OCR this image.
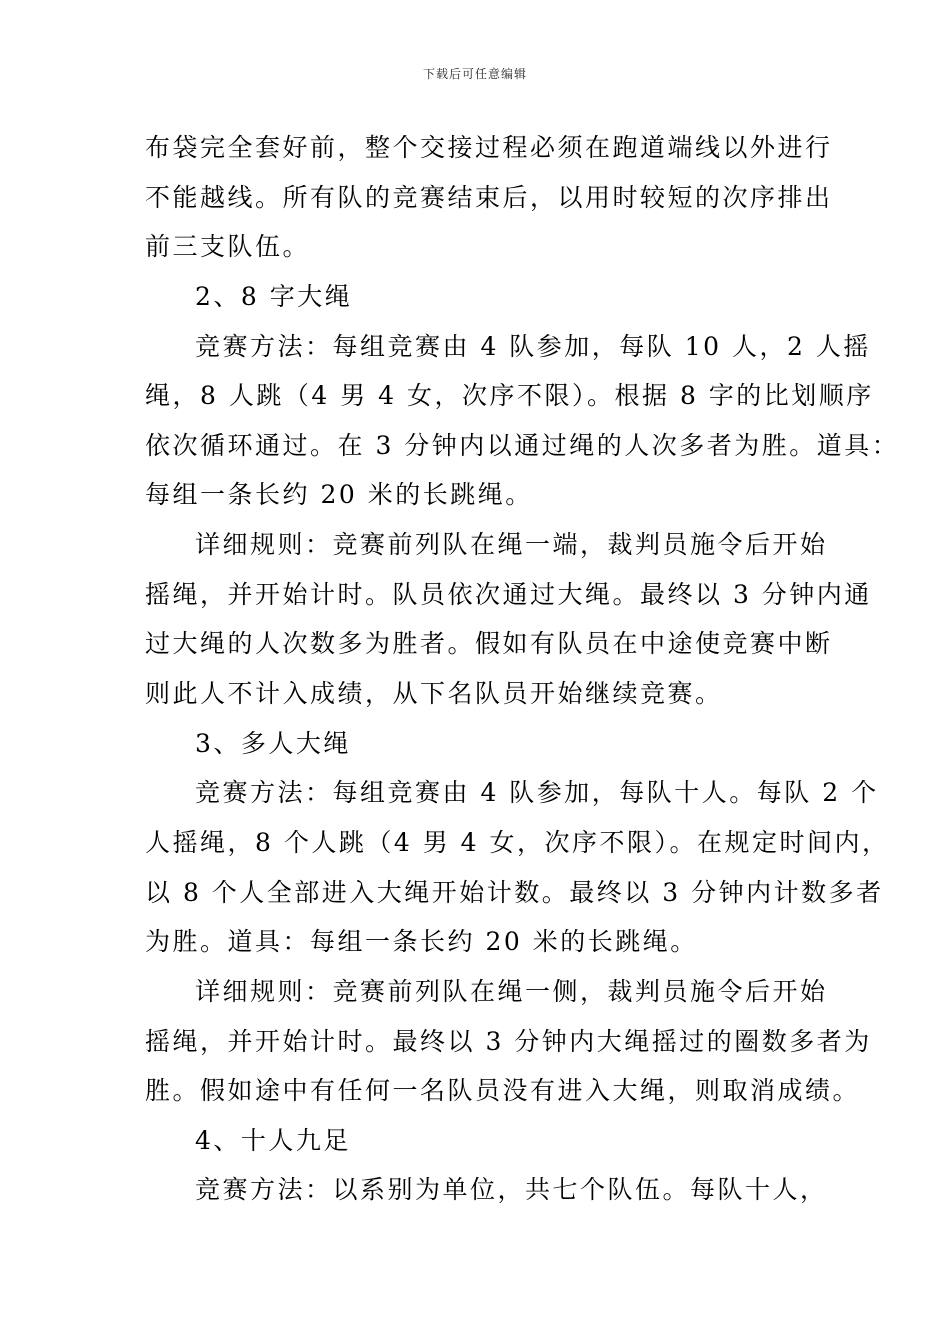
下载后可任意编辑
布袋完全套好前，整个交接过程必须在跑道端线以外进行
不能越线。所有队的竞赛结束后，以用时较短的次序排出
前三支队伍。
2、8 字大绳
竞赛方法：每组竞赛由 4 队参加，每队 10 人，2 人摇
绳，8 人跳（4 男 4 女，次序不限）。根据 8 字的比划顺序
依次循环通过。在 3 分钟内以通过绳的人次多者为胜。道具：
每组一条长约 20 米的长跳绳。
详细规则：竞赛前列队在绳一端，裁判员施令后开始
摇绳，并开始计时。队员依次通过大绳。最终以 3 分钟内通
过大绳的人次数多为胜者。假如有队员在中途使竞赛中断
则此人不计入成绩，从下名队员开始继续竞赛。
3、多人大绳
竞赛方法：每组竞赛由 4 队参加，每队十人。每队 2 个
人摇绳，8 个人跳（4 男 4 女，次序不限）。在规定时间内，
以 8 个人全部进入大绳开始计数。最终以 3 分钟内计数多者
为胜。道具：每组一条长约 20 米的长跳绳。
详细规则：竞赛前列队在绳一侧，裁判员施令后开始
摇绳，并开始计时。最终以 3 分钟内大绳摇过的圈数多者为
胜。假如途中有任何一名队员没有进入大绳，则取消成绩。
4、十人九足
竞赛方法：以系别为单位，共七个队伍。每队十人，
